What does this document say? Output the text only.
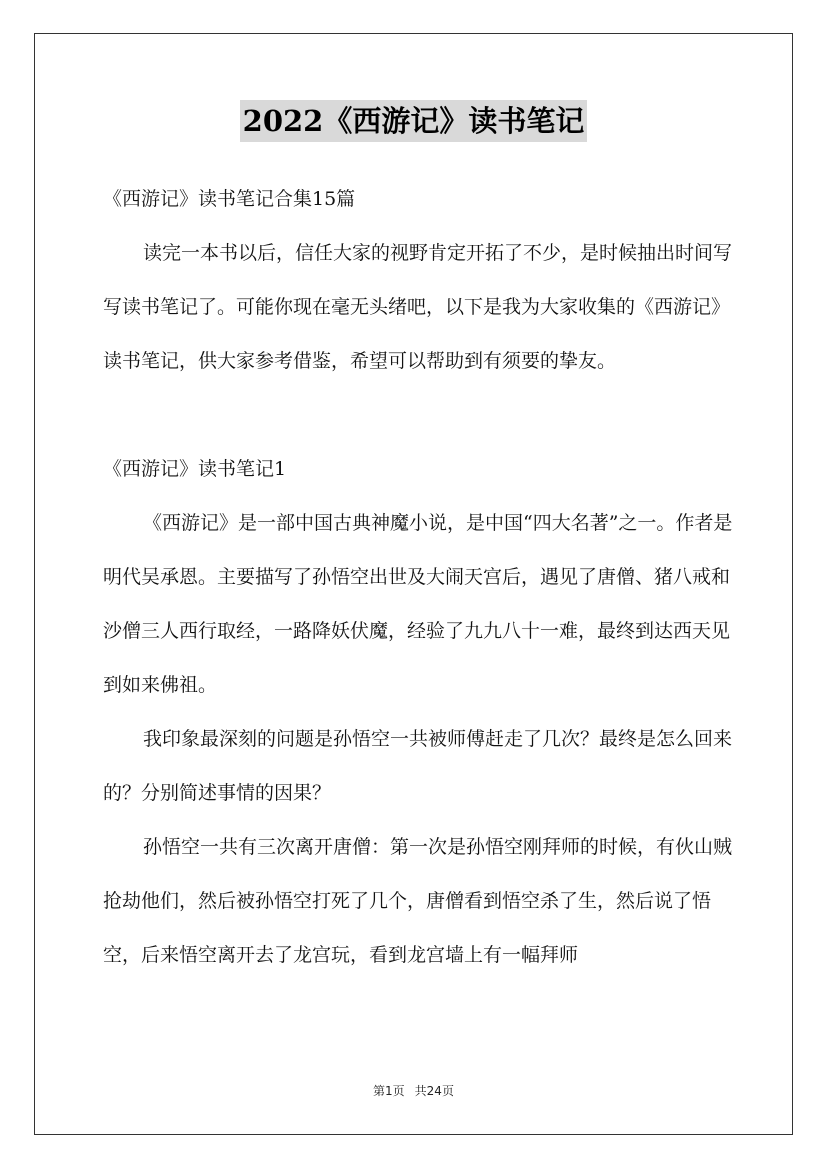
2022《西游记》读书笔记

《西游记》读书笔记合集15篇

读完一本书以后，信任大家的视野肯定开拓了不少，是时候抽出时间写写读书笔记了。可能你现在毫无头绪吧，以下是我为大家收集的《西游记》读书笔记，供大家参考借鉴，希望可以帮助到有须要的挚友。

《西游记》读书笔记1

《西游记》是一部中国古典神魔小说，是中国“四大名著”之一。作者是明代吴承恩。主要描写了孙悟空出世及大闹天宫后，遇见了唐僧、猪八戒和沙僧三人西行取经，一路降妖伏魔，经验了九九八十一难，最终到达西天见到如来佛祖。

我印象最深刻的问题是孙悟空一共被师傅赶走了几次？最终是怎么回来的？分别简述事情的因果？

孙悟空一共有三次离开唐僧：第一次是孙悟空刚拜师的时候，有伙山贼抢劫他们，然后被孙悟空打死了几个，唐僧看到悟空杀了生，然后说了悟空，后来悟空离开去了龙宫玩，看到龙宫墙上有一幅拜师

第1页 共24页
